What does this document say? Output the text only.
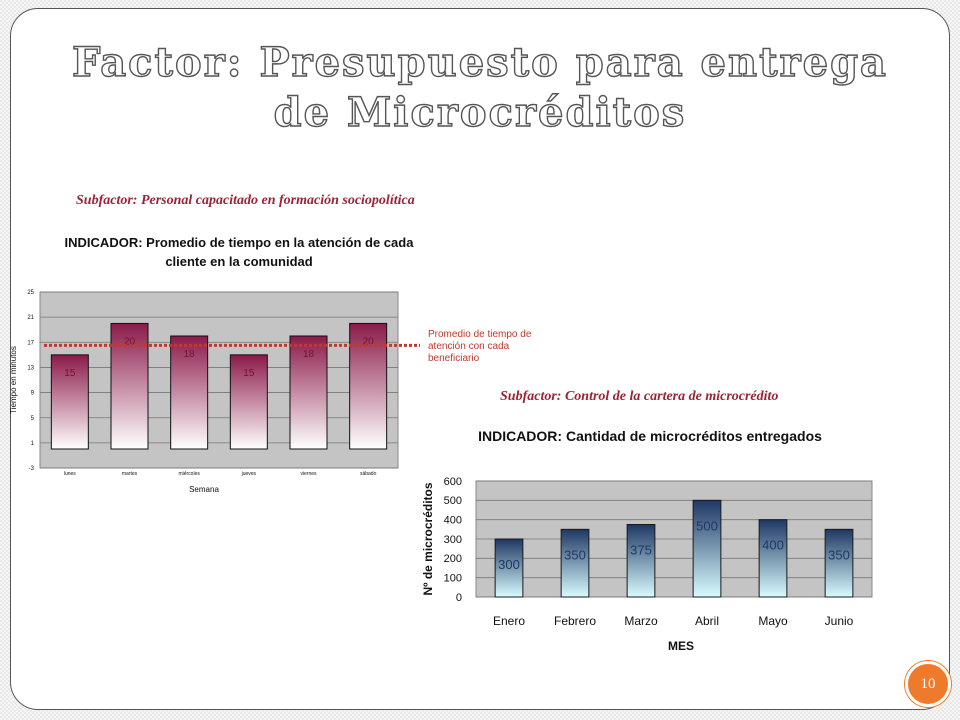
Factor: Presupuesto para entrega de Microcréditos
Subfactor: Personal capacitado en formación sociopolítica
Subfactor: Control de la cartera de microcrédito
INDICADOR: Promedio de tiempo en la atención de cada cliente en la comunidad
INDICADOR: Cantidad de microcréditos entregados
Promedio de tiempo de atención con cada beneficiario
-3
1
5
9
13
17
21
25
15
lunes
20
martes
18
miércoles
15
jueves
18
viernes
20
sábado
Semana
Tiempo en minutos
0
100
200
300
400
500
600
300
Enero
350
Febrero
375
Marzo
500
Abril
400
Mayo
350
Junio
MES
Nº de microcréditos
10
